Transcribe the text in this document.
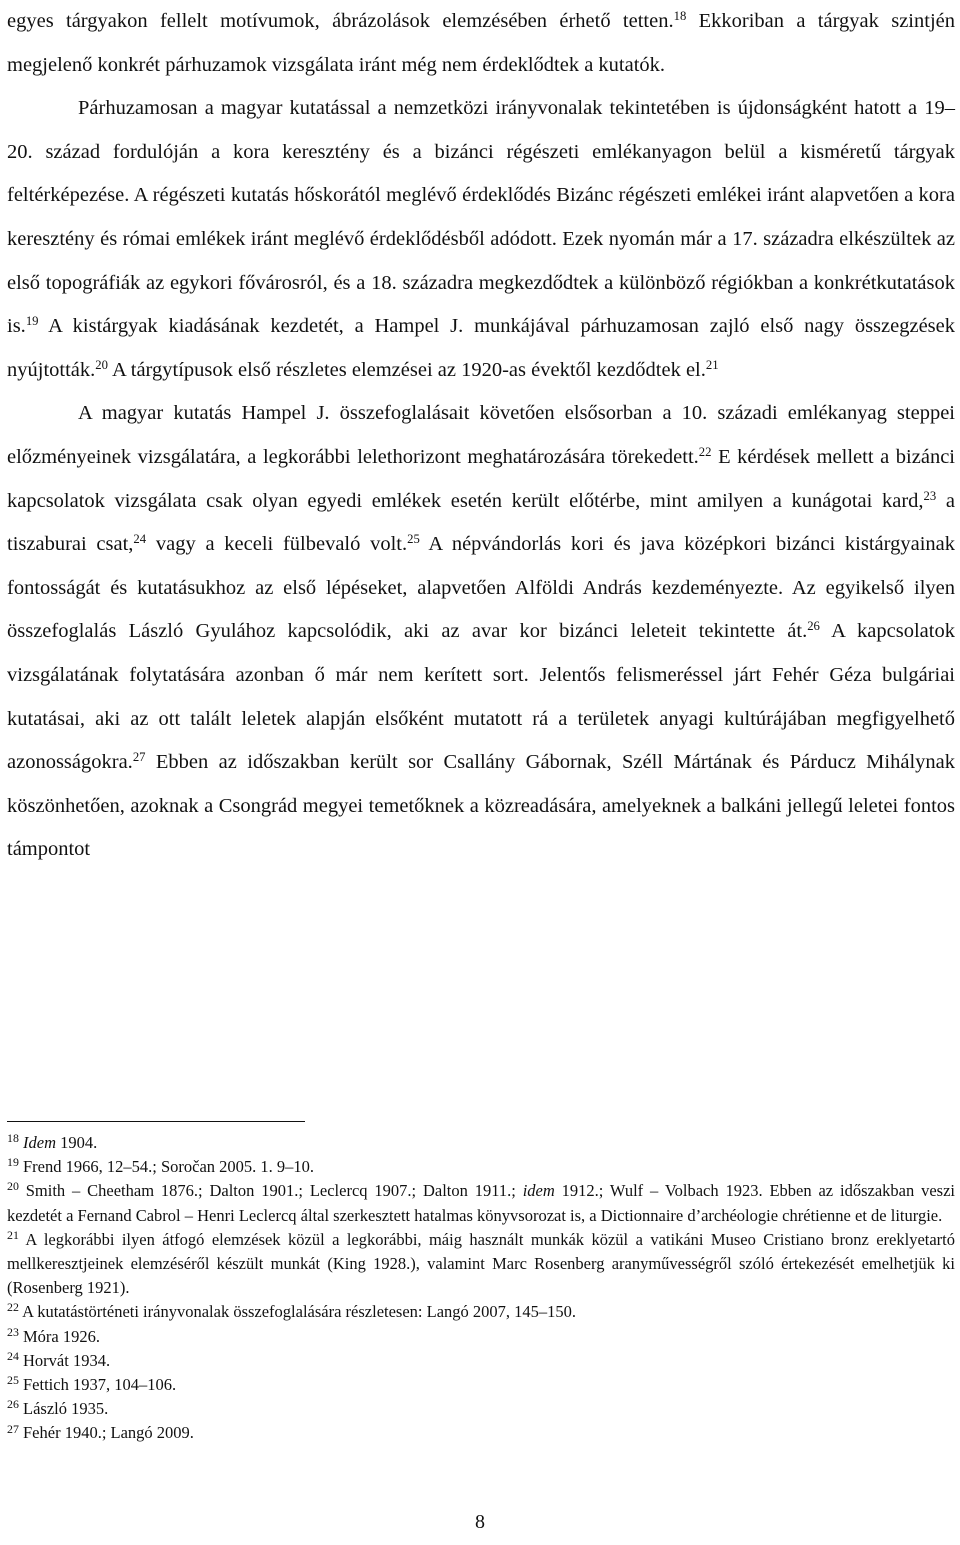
egyes tárgyakon fellelt motívumok, ábrázolások elemzésében érhető tetten.$^{18}$ Ekkoriban a tárgyak szintjén megjelenő konkrét párhuzamok vizsgálata iránt még nem érdeklődtek a kutatók.

Párhuzamosan a magyar kutatással a nemzetközi irányvonalak tekintetében is újdonságként hatott a 19–20. század fordulóján a kora keresztény és a bizánci régészeti emlékanyagon belül a kisméretű tárgyak feltérképezése. A régészeti kutatás hőskorától meglévő érdeklődés Bizánc régészeti emlékei iránt alapvetően a kora keresztény és római emlékek iránt meglévő érdeklődésből adódott. Ezek nyomán már a 17. századra elkészültek az első topográfiák az egykori fővárosról, és a 18. századra megkezdődtek a különböző régiókban a konkrétkutatások is.$^{19}$ A kistárgyak kiadásának kezdetét, a Hampel J. munkájával párhuzamosan zajló első nagy összegzések nyújtották.$^{20}$ A tárgytípusok első részletes elemzései az 1920-as évektől kezdődtek el.$^{21}$

A magyar kutatás Hampel J. összefoglalásait követően elsősorban a 10. századi emlékanyag steppei előzményeinek vizsgálatára, a legkorábbi lelethorizont meghatározására törekedett.$^{22}$ E kérdések mellett a bizánci kapcsolatok vizsgálata csak olyan egyedi emlékek esetén került előtérbe, mint amilyen a kunágotai kard,$^{23}$ a tiszaburai csat,$^{24}$ vagy a keceli fülbevaló volt.$^{25}$ A népvándorlás kori és java középkori bizánci kistárgyainak fontosságát és kutatásukhoz az első lépéseket, alapvetően Alföldi András kezdeményezte. Az egyikelső ilyen összefoglalás László Gyulához kapcsolódik, aki az avar kor bizánci leleteit tekintette át.$^{26}$ A kapcsolatok vizsgálatának folytatására azonban ő már nem kerített sort. Jelentős felismeréssel járt Fehér Géza bulgáriai kutatásai, aki az ott talált leletek alapján elsőként mutatott rá a területek anyagi kultúrájában megfigyelhető azonosságokra.$^{27}$ Ebben az időszakban került sor Csallány Gábornak, Széll Mártának és Párducz Mihálynak köszönhetően, azoknak a Csongrád megyei temetőknek a közreadására, amelyeknek a balkáni jellegű leletei fontos támpontot

$^{18}$ Idem 1904.

$^{19}$ Frend 1966, 12–54.; Soročan 2005. 1. 9–10.

$^{20}$ Smith – Cheetham 1876.; Dalton 1901.; Leclercq 1907.; Dalton 1911.; idem 1912.; Wulf – Volbach 1923. Ebben az időszakban veszi kezdetét a Fernand Cabrol – Henri Leclercq által szerkesztett hatalmas könyvsorozat is, a Dictionnaire d’archéologie chrétienne et de liturgie.

$^{21}$ A legkorábbi ilyen átfogó elemzések közül a legkorábbi, máig használt munkák közül a vatikáni Museo Cristiano bronz ereklyetartó mellkeresztjeinek elemzéséről készült munkát (King 1928.), valamint Marc Rosenberg aranyművességről szóló értekezését emelhetjük ki (Rosenberg 1921).

$^{22}$ A kutatástörténeti irányvonalak összefoglalására részletesen: Langó 2007, 145–150.

$^{23}$ Móra 1926.

$^{24}$ Horvát 1934.

$^{25}$ Fettich 1937, 104–106.

$^{26}$ László 1935.

$^{27}$ Fehér 1940.; Langó 2009.

8
